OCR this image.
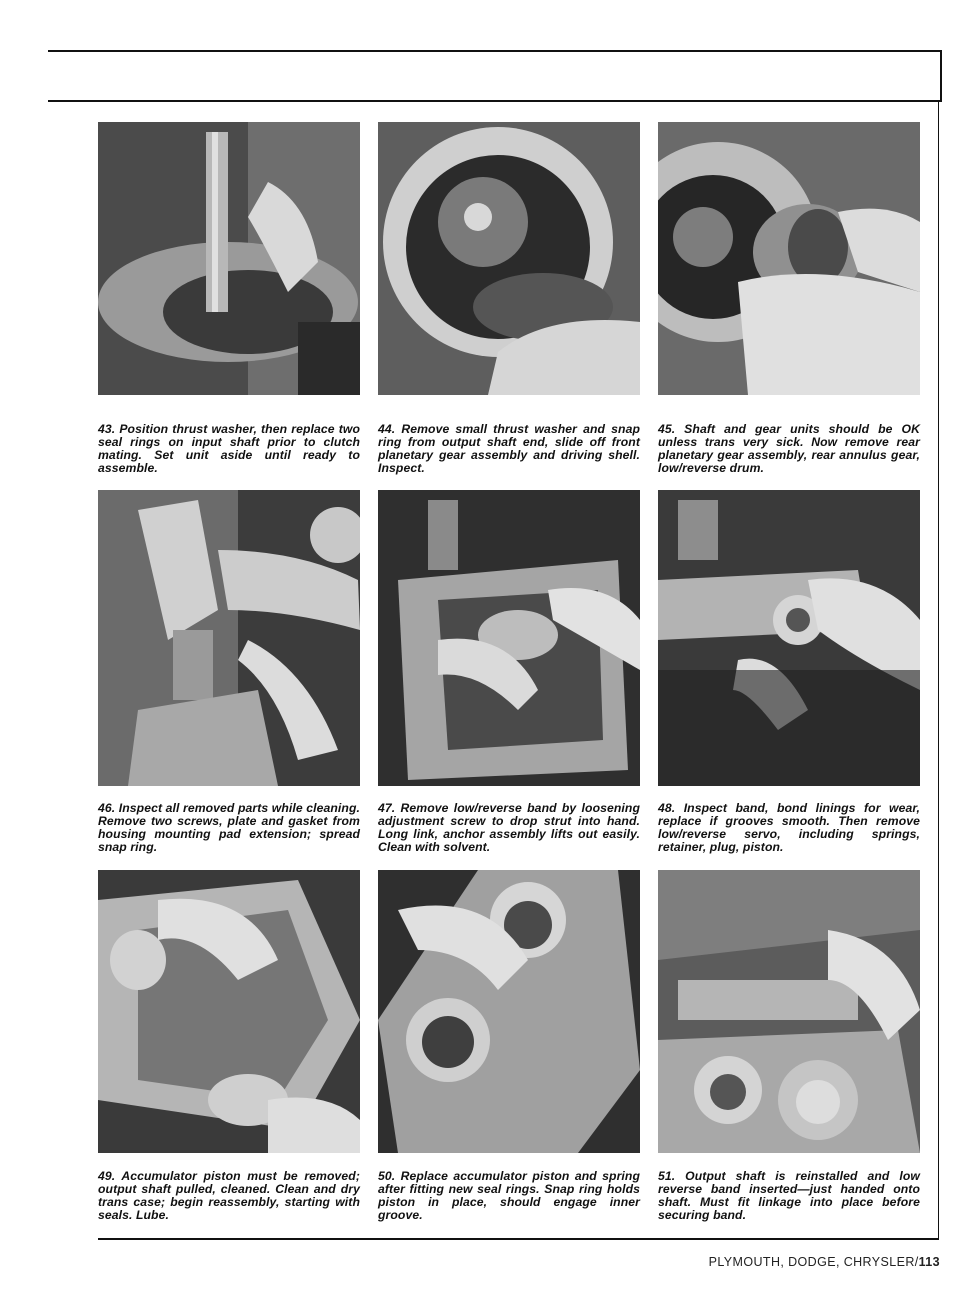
43. Position thrust washer, then replace two seal rings on input shaft prior to clutch mating. Set unit aside until ready to assemble.
44. Remove small thrust washer and snap ring from output shaft end, slide off front planetary gear assembly and driving shell. Inspect.
45. Shaft and gear units should be OK unless trans very sick. Now remove rear planetary gear assembly, rear annulus gear, low/reverse drum.
46. Inspect all removed parts while cleaning. Remove two screws, plate and gasket from housing mounting pad extension; spread snap ring.
47. Remove low/reverse band by loosening adjustment screw to drop strut into hand. Long link, anchor assembly lifts out easily. Clean with solvent.
48. Inspect band, bond linings for wear, replace if grooves smooth. Then remove low/reverse servo, including springs, retainer, plug, piston.
49. Accumulator piston must be removed; output shaft pulled, cleaned. Clean and dry trans case; begin reassembly, starting with seals. Lube.
50. Replace accumulator piston and spring after fitting new seal rings. Snap ring holds piston in place, should engage inner groove.
51. Output shaft is reinstalled and low reverse band inserted—just handed onto shaft. Must fit linkage into place before securing band.
PLYMOUTH, DODGE, CHRYSLER/113
